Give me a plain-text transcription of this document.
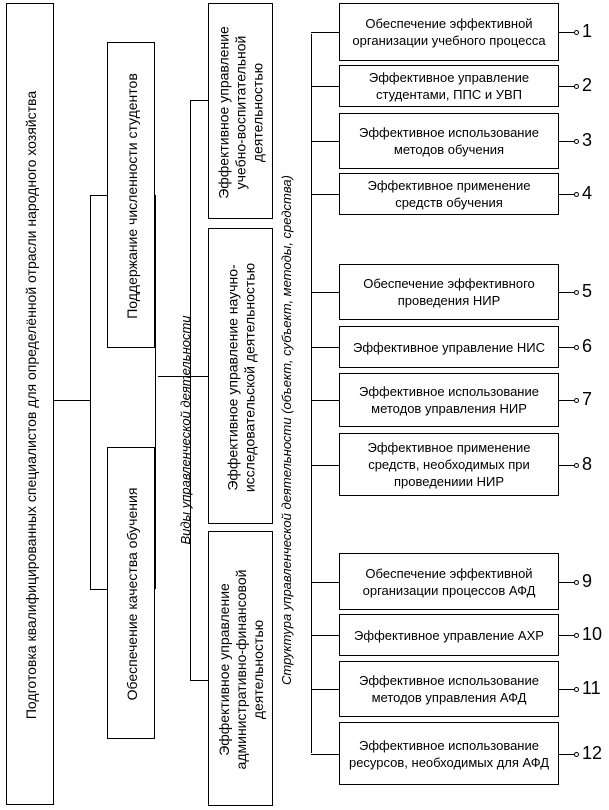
Подготовка квалифицированных специалистов для определённой отрасли народного хозяйства	Поддержание численности студентов
Обеспечение качества обучения
Виды управленческой деятельности
Эффективное управление учебно-воспитательной деятельностью
Эффективное управление научно-исследовательской деятельностью
Эффективное управление административно-финансовой деятельностью Структура управленческой деятельности (объект, субъект, методы, средства)
Обеспечение эффективной организации учебного процесса	1
Эффективное управление студентами, ППС и УВП	2
Эффективное использование методов обучения	3
Эффективное применение средств обучения	4
Обеспечение эффективного проведения НИР	5
Эффективное управление НИС	6
Эффективное использование методов управления НИР	7
Эффективное применение средств, необходимых при проведениии НИР
8
Обеспечение эффективной организации процессов АФД	9
Эффективное управление АХР	10
Эффективное использование методов управления АФД	11
Эффективное использование ресурсов, необходимых для АФД	12
